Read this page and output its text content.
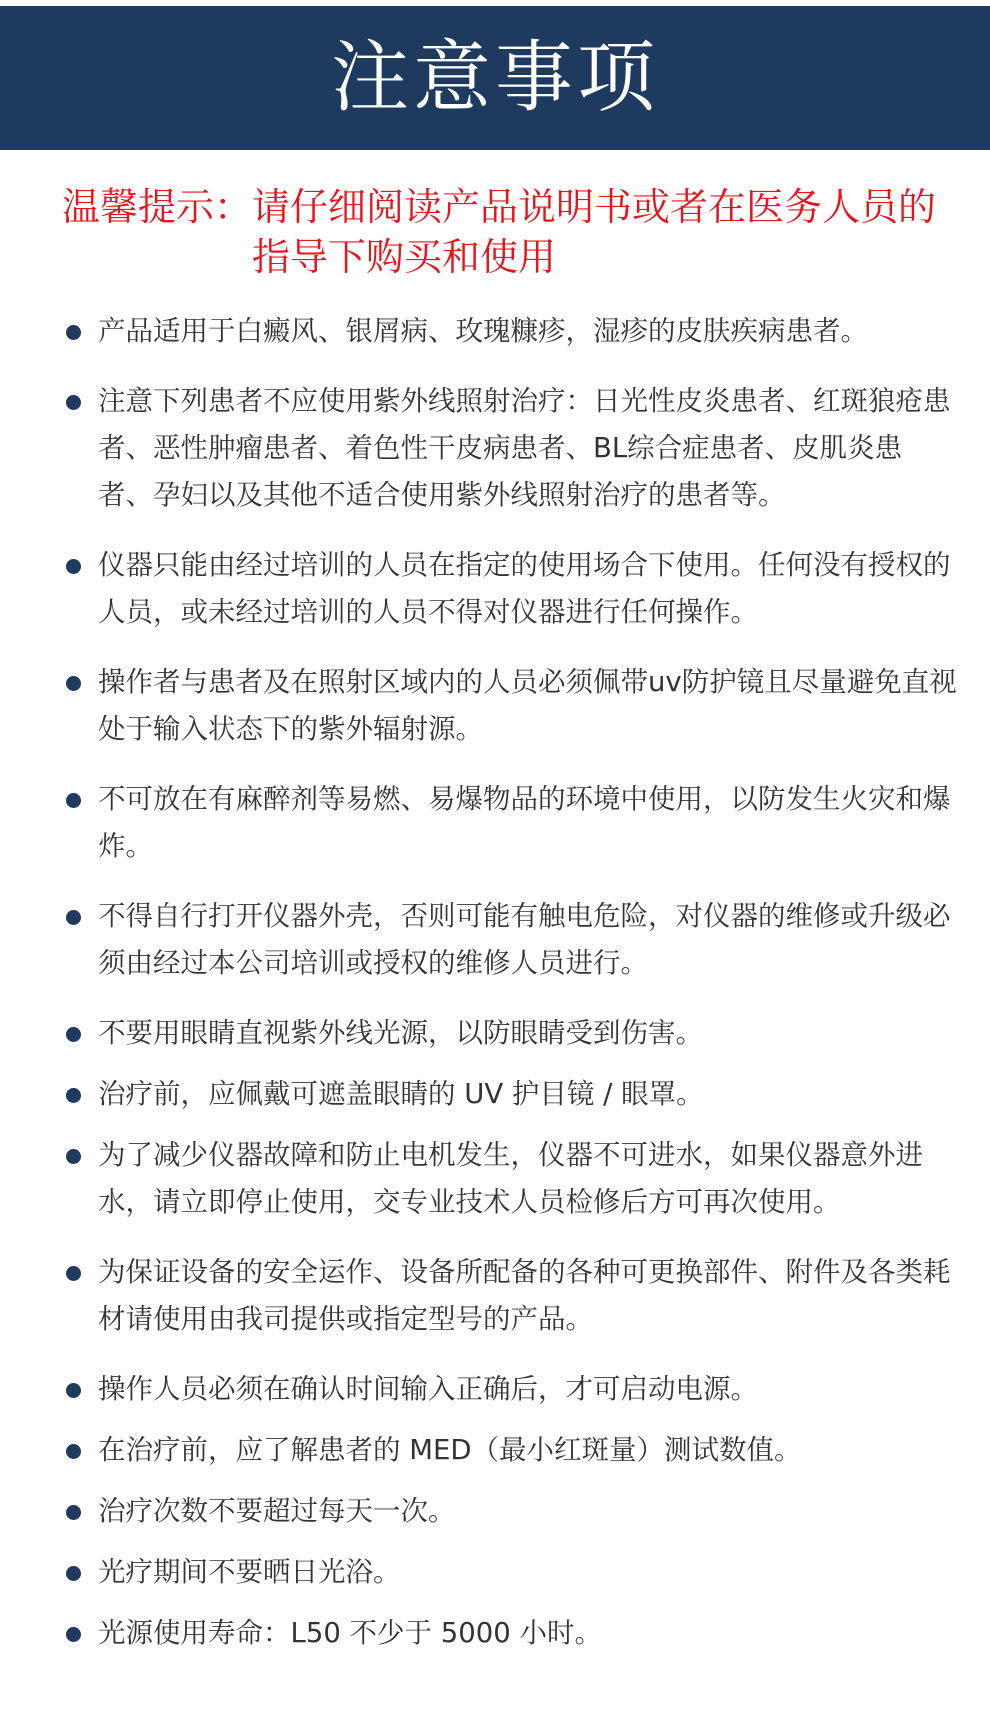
注意事项
温馨提示： 请仔细阅读产品说明书或者在医务人员的指导下购买和使用
产品适用于白癜风、银屑病、玫瑰糠疹，湿疹的皮肤疾病患者。
注意下列患者不应使用紫外线照射治疗：日光性皮炎患者、红斑狼疮患者、恶性肿瘤患者、着色性干皮病患者、BL综合症患者、皮肌炎患者、孕妇以及其他不适合使用紫外线照射治疗的患者等。
仪器只能由经过培训的人员在指定的使用场合下使用。任何没有授权的人员，或未经过培训的人员不得对仪器进行任何操作。
操作者与患者及在照射区域内的人员必须佩带uv防护镜且尽量避免直视处于输入状态下的紫外辐射源。
不可放在有麻醉剂等易燃、易爆物品的环境中使用，以防发生火灾和爆炸。
不得自行打开仪器外壳，否则可能有触电危险，对仪器的维修或升级必须由经过本公司培训或授权的维修人员进行。
不要用眼睛直视紫外线光源，以防眼睛受到伤害。
治疗前，应佩戴可遮盖眼睛的 UV 护目镜 / 眼罩。
为了减少仪器故障和防止电机发生，仪器不可进水，如果仪器意外进水，请立即停止使用，交专业技术人员检修后方可再次使用。
为保证设备的安全运作、设备所配备的各种可更换部件、附件及各类耗材请使用由我司提供或指定型号的产品。
操作人员必须在确认时间输入正确后，才可启动电源。
在治疗前，应了解患者的 MED（最小红斑量）测试数值。
治疗次数不要超过每天一次。
光疗期间不要晒日光浴。
光源使用寿命：L50 不少于 5000 小时。
